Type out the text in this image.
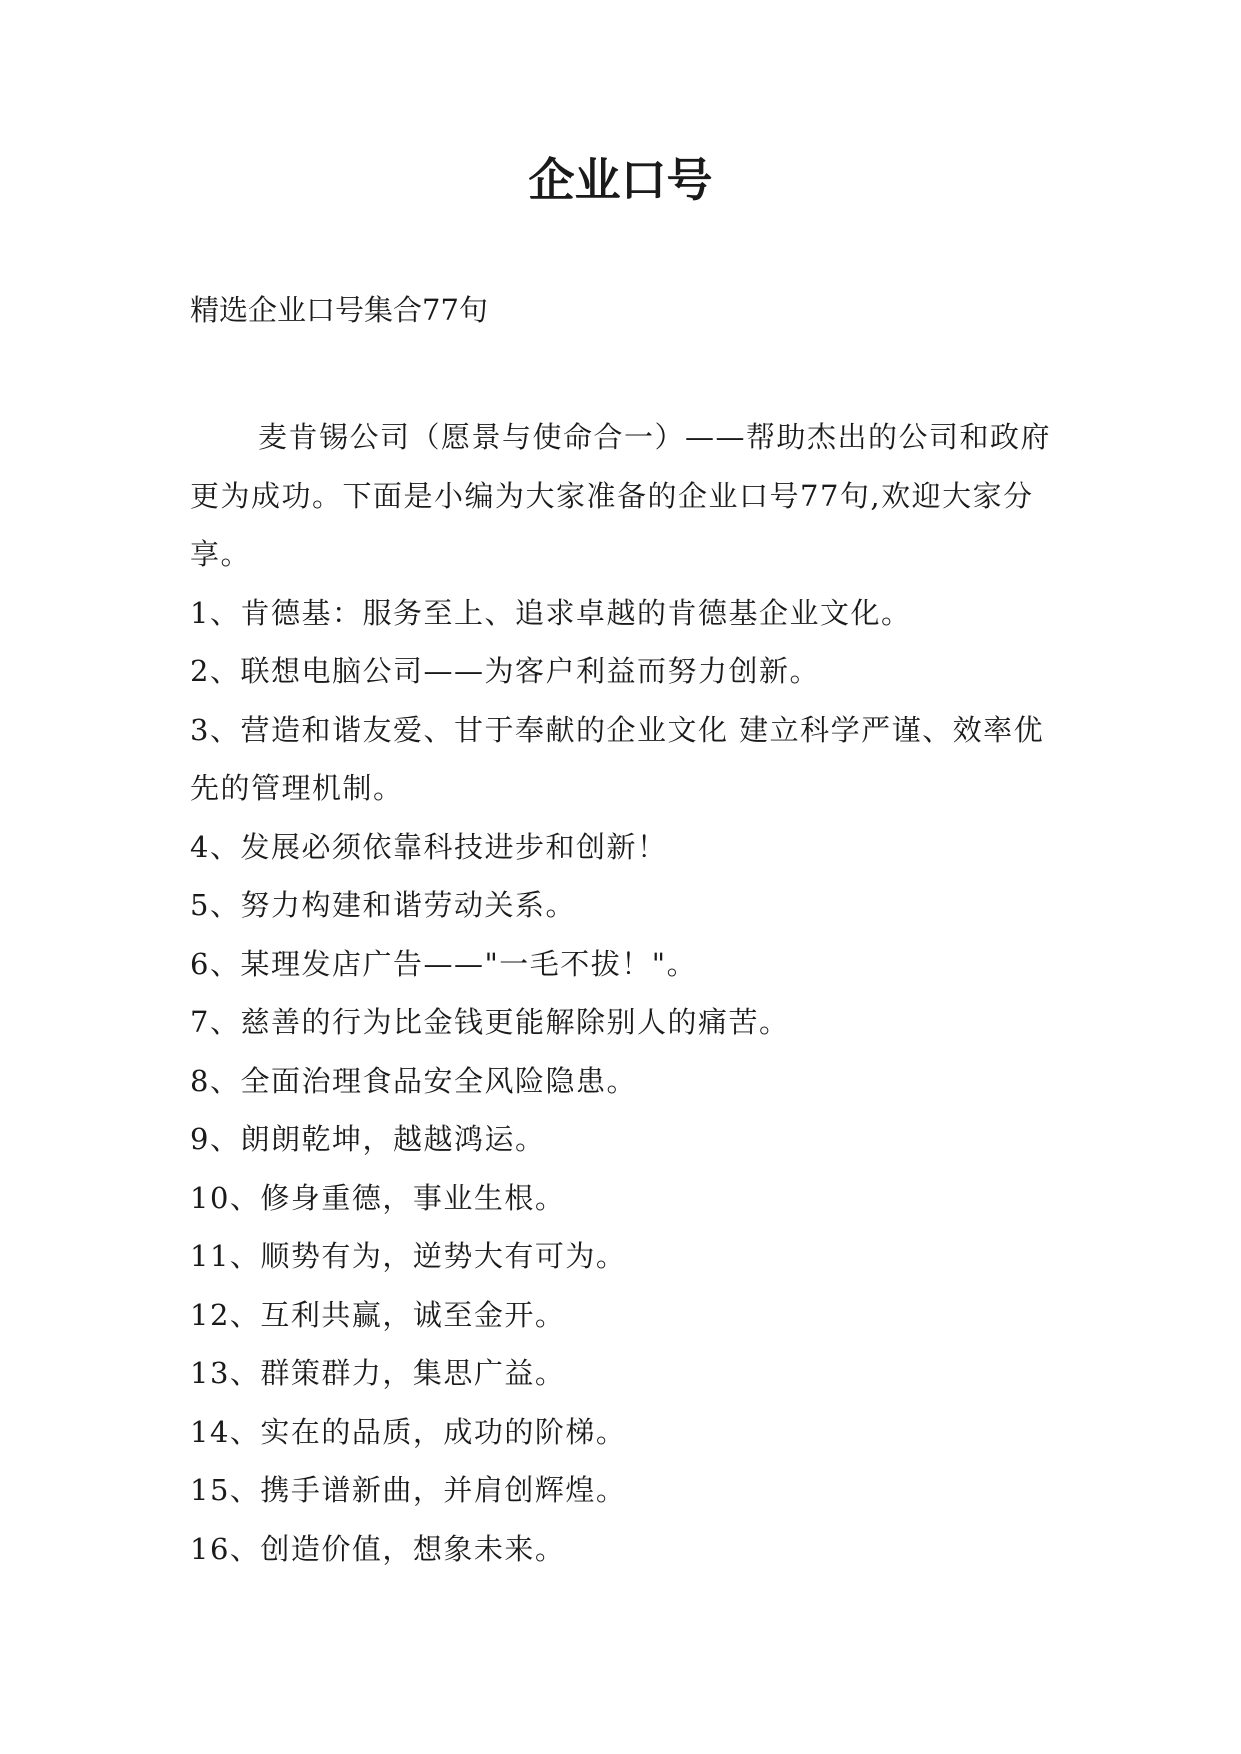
企业口号

精选企业口号集合77句

麦肯锡公司（愿景与使命合一）——帮助杰出的公司和政府更为成功。下面是小编为大家准备的企业口号77句,欢迎大家分享。

1、肯德基：服务至上、追求卓越的肯德基企业文化。
2、联想电脑公司——为客户利益而努力创新。
3、营造和谐友爱、甘于奉献的企业文化 建立科学严谨、效率优先的管理机制。
4、发展必须依靠科技进步和创新！
5、努力构建和谐劳动关系。
6、某理发店广告——"一毛不拔！"。
7、慈善的行为比金钱更能解除别人的痛苦。
8、全面治理食品安全风险隐患。
9、朗朗乾坤，越越鸿运。
10、修身重德，事业生根。
11、顺势有为，逆势大有可为。
12、互利共赢，诚至金开。
13、群策群力，集思广益。
14、实在的品质，成功的阶梯。
15、携手谱新曲，并肩创辉煌。
16、创造价值，想象未来。
